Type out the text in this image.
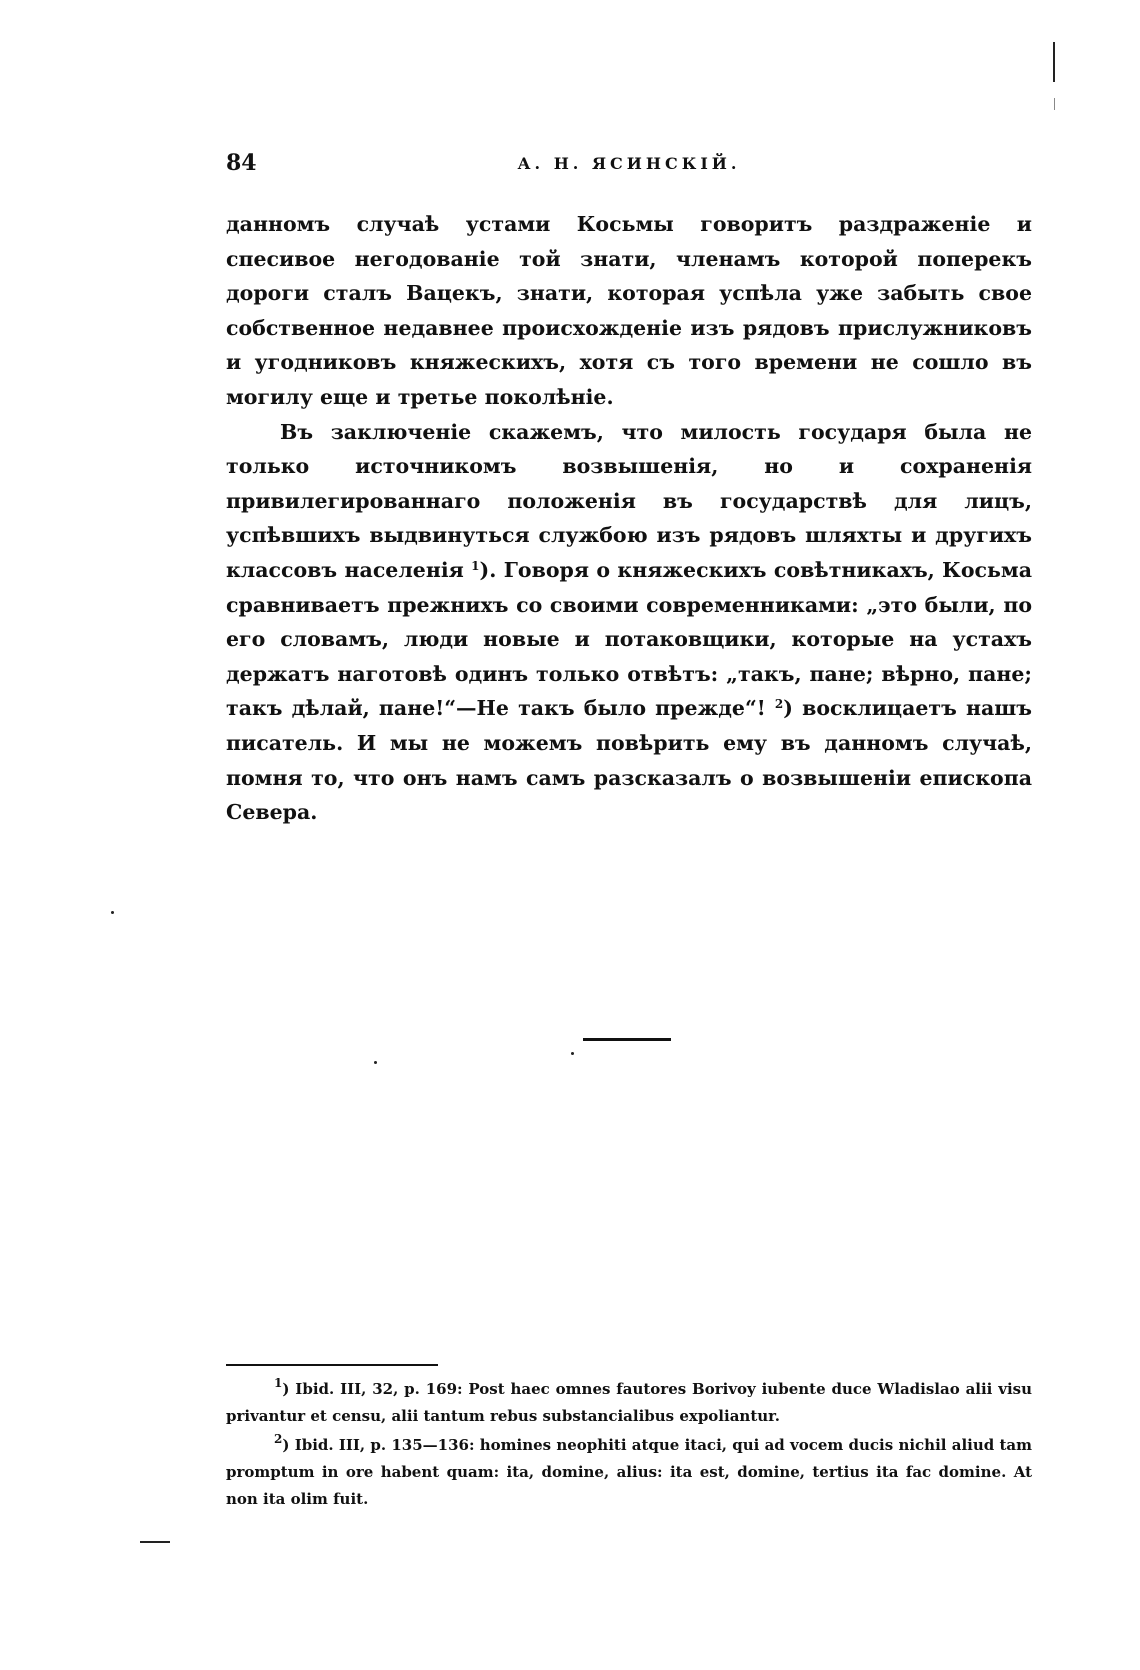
84	А. Н. ЯСИНСКІЙ.

данномъ случаѣ устами Косьмы говоритъ раздраженіе и спесивое негодованіе той знати, членамъ которой поперекъ дороги сталъ Вацекъ, знати, которая успѣла уже забыть свое собственное недавнее происхожденіе изъ рядовъ прислужниковъ и угодниковъ княжескихъ, хотя съ того времени не сошло въ могилу еще и третье поколѣніе.

Въ заключеніе скажемъ, что милость государя была не только источникомъ возвышенія, но и сохраненія привилегированнаго положенія въ государствѣ для лицъ, успѣвшихъ выдвинуться службою изъ рядовъ шляхты и другихъ классовъ населенія $^1$). Говоря о княжескихъ совѣтникахъ, Косьма сравниваетъ прежнихъ со своими современниками: „это были, по его словамъ, люди новые и потаковщики, которые на устахъ держатъ наготовѣ одинъ только отвѣтъ: „такъ, пане; вѣрно, пане; такъ дѣлай, пане!“—Не такъ было прежде“! $^2$) восклицаетъ нашъ писатель. И мы не можемъ повѣрить ему въ данномъ случаѣ, помня то, что онъ намъ самъ разсказалъ о возвышеніи епископа Севера.

$^1$) Ibid. III, 32, p. 169: Post haec omnes fautores Borivoy iubente duce Wladislao alii visu privantur et censu, alii tantum rebus substancialibus expoliantur.

$^2$) Ibid. III, p. 135—136: homines neophiti atque itaci, qui ad vocem ducis nichil aliud tam promptum in ore habent quam: ita, domine, alius: ita est, domine, tertius ita fac domine. At non ita olim fuit.
